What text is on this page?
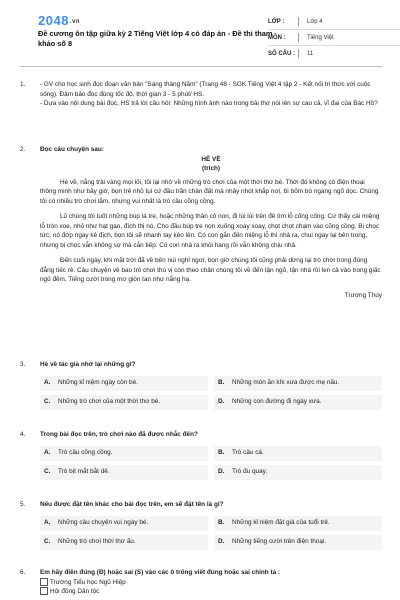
2048.vn
Đề cương ôn tập giữa kỳ 2 Tiếng Việt lớp 4 có đáp án - Đề thi tham khảo số 8
LỚP :	Lớp 4
MÔN :	Tiếng Việt
SỐ CÂU :	11
1.	- GV cho học sinh đọc đoạn văn bản "Sáng tháng Năm" (Trang 48 - SGK Tiếng Việt 4 tập 2 - Kết nối tri thức với cuộc sống). Đảm bảo đọc đúng tốc độ, thời gian 3 - 5 phút/ HS.
- Dựa vào nội dung bài đọc, HS trả lời câu hỏi: Những hình ảnh nào trong bài thơ nói lên sự cao cả, vĩ đại của Bác Hồ?
2.	Đọc câu chuyện sau:
HÈ VỀ
(trích)

Hè về, nắng trải vàng mọi lối, tôi lại nhớ về những trò chơi của một thời thơ bé. Thời đó không có điện thoại thông minh như bây giờ, bọn trẻ nhỏ tụi cứ đầu trần chân đất mà nhảy nhót khắp nơi, bì bõm bò ngang ngõ dọc. Chúng tôi có nhiều trò chơi lắm, nhưng vui nhất là trò cầu cõng cồng.

Lũ chúng tôi tuốt những búp lá tre, hoặc những thân cỏ non, đi lùi lùi trên đê tìm lỗ cõng cống. Cứ thấy cái miệng lỗ tròn xoe, nhỏ như hạt gạo, đích thị nó. Cho đầu búp tre non xuống xoay xoay, chọt chọt chạm vào cõng cồng. Bị chọc tức, nó đớp ngay kẻ địch, bọn tôi sẽ nhanh tay kéo lên. Có con gắn đến miệng lỗ thì nhả ra, chui ngay lại bên trong, nhưng bị chọc vẫn không sợ mà cắn tiếp. Có con nhả ra khỏi hang rồi vẫn không chịu nhả.

Đến cuối ngày, khi mặt trời đã về bên núi nghỉ ngơi, bọn giờ chúng tôi cũng phải dừng lại trò chơi trong đúng đẳng tiếc rẻ. Câu chuyện về bao trò chơi thú vị còn theo chân chúng tôi về đến tận ngõ, tận nhà rồi len cả vào trong giấc ngủ đêm. Tiếng cười trong mơ giòn tan như nắng hạ.

Trương Thúy
3.	Hè về tác giả nhớ lại những gì?
A.	Những kỉ niệm ngày còn bé.	B.	Những món ăn khi xưa được mẹ nấu.
C.	Những trò chơi của một thời thơ bé.	D.	Những con đường đi ngày xưa.
4.	Trong bài đọc trên, trò chơi nào đã được nhắc đến?
A.	Trò câu cõng cồng.	B.	Trò câu cá.
C.	Trò bịt mắt bắt dê.	D.	Trò đu quay.
5.	Nếu được đặt tên khác cho bài đọc trên, em sẽ đặt tên là gì?
A.	Những câu chuyện vui ngày bé.	B.	Những kỉ niệm đặt giá của tuổi trẻ.
C.	Những trò chơi thời thơ ấu.	D.	Những tiếng cười trên điện thoại.
6.	Em hãy điền đúng (Đ) hoặc sai (S) vào các ô trống viết đúng hoặc sai chính tả :
Trường Tiểu học Ngũ Hiệp
Hội đồng Dân tộc
